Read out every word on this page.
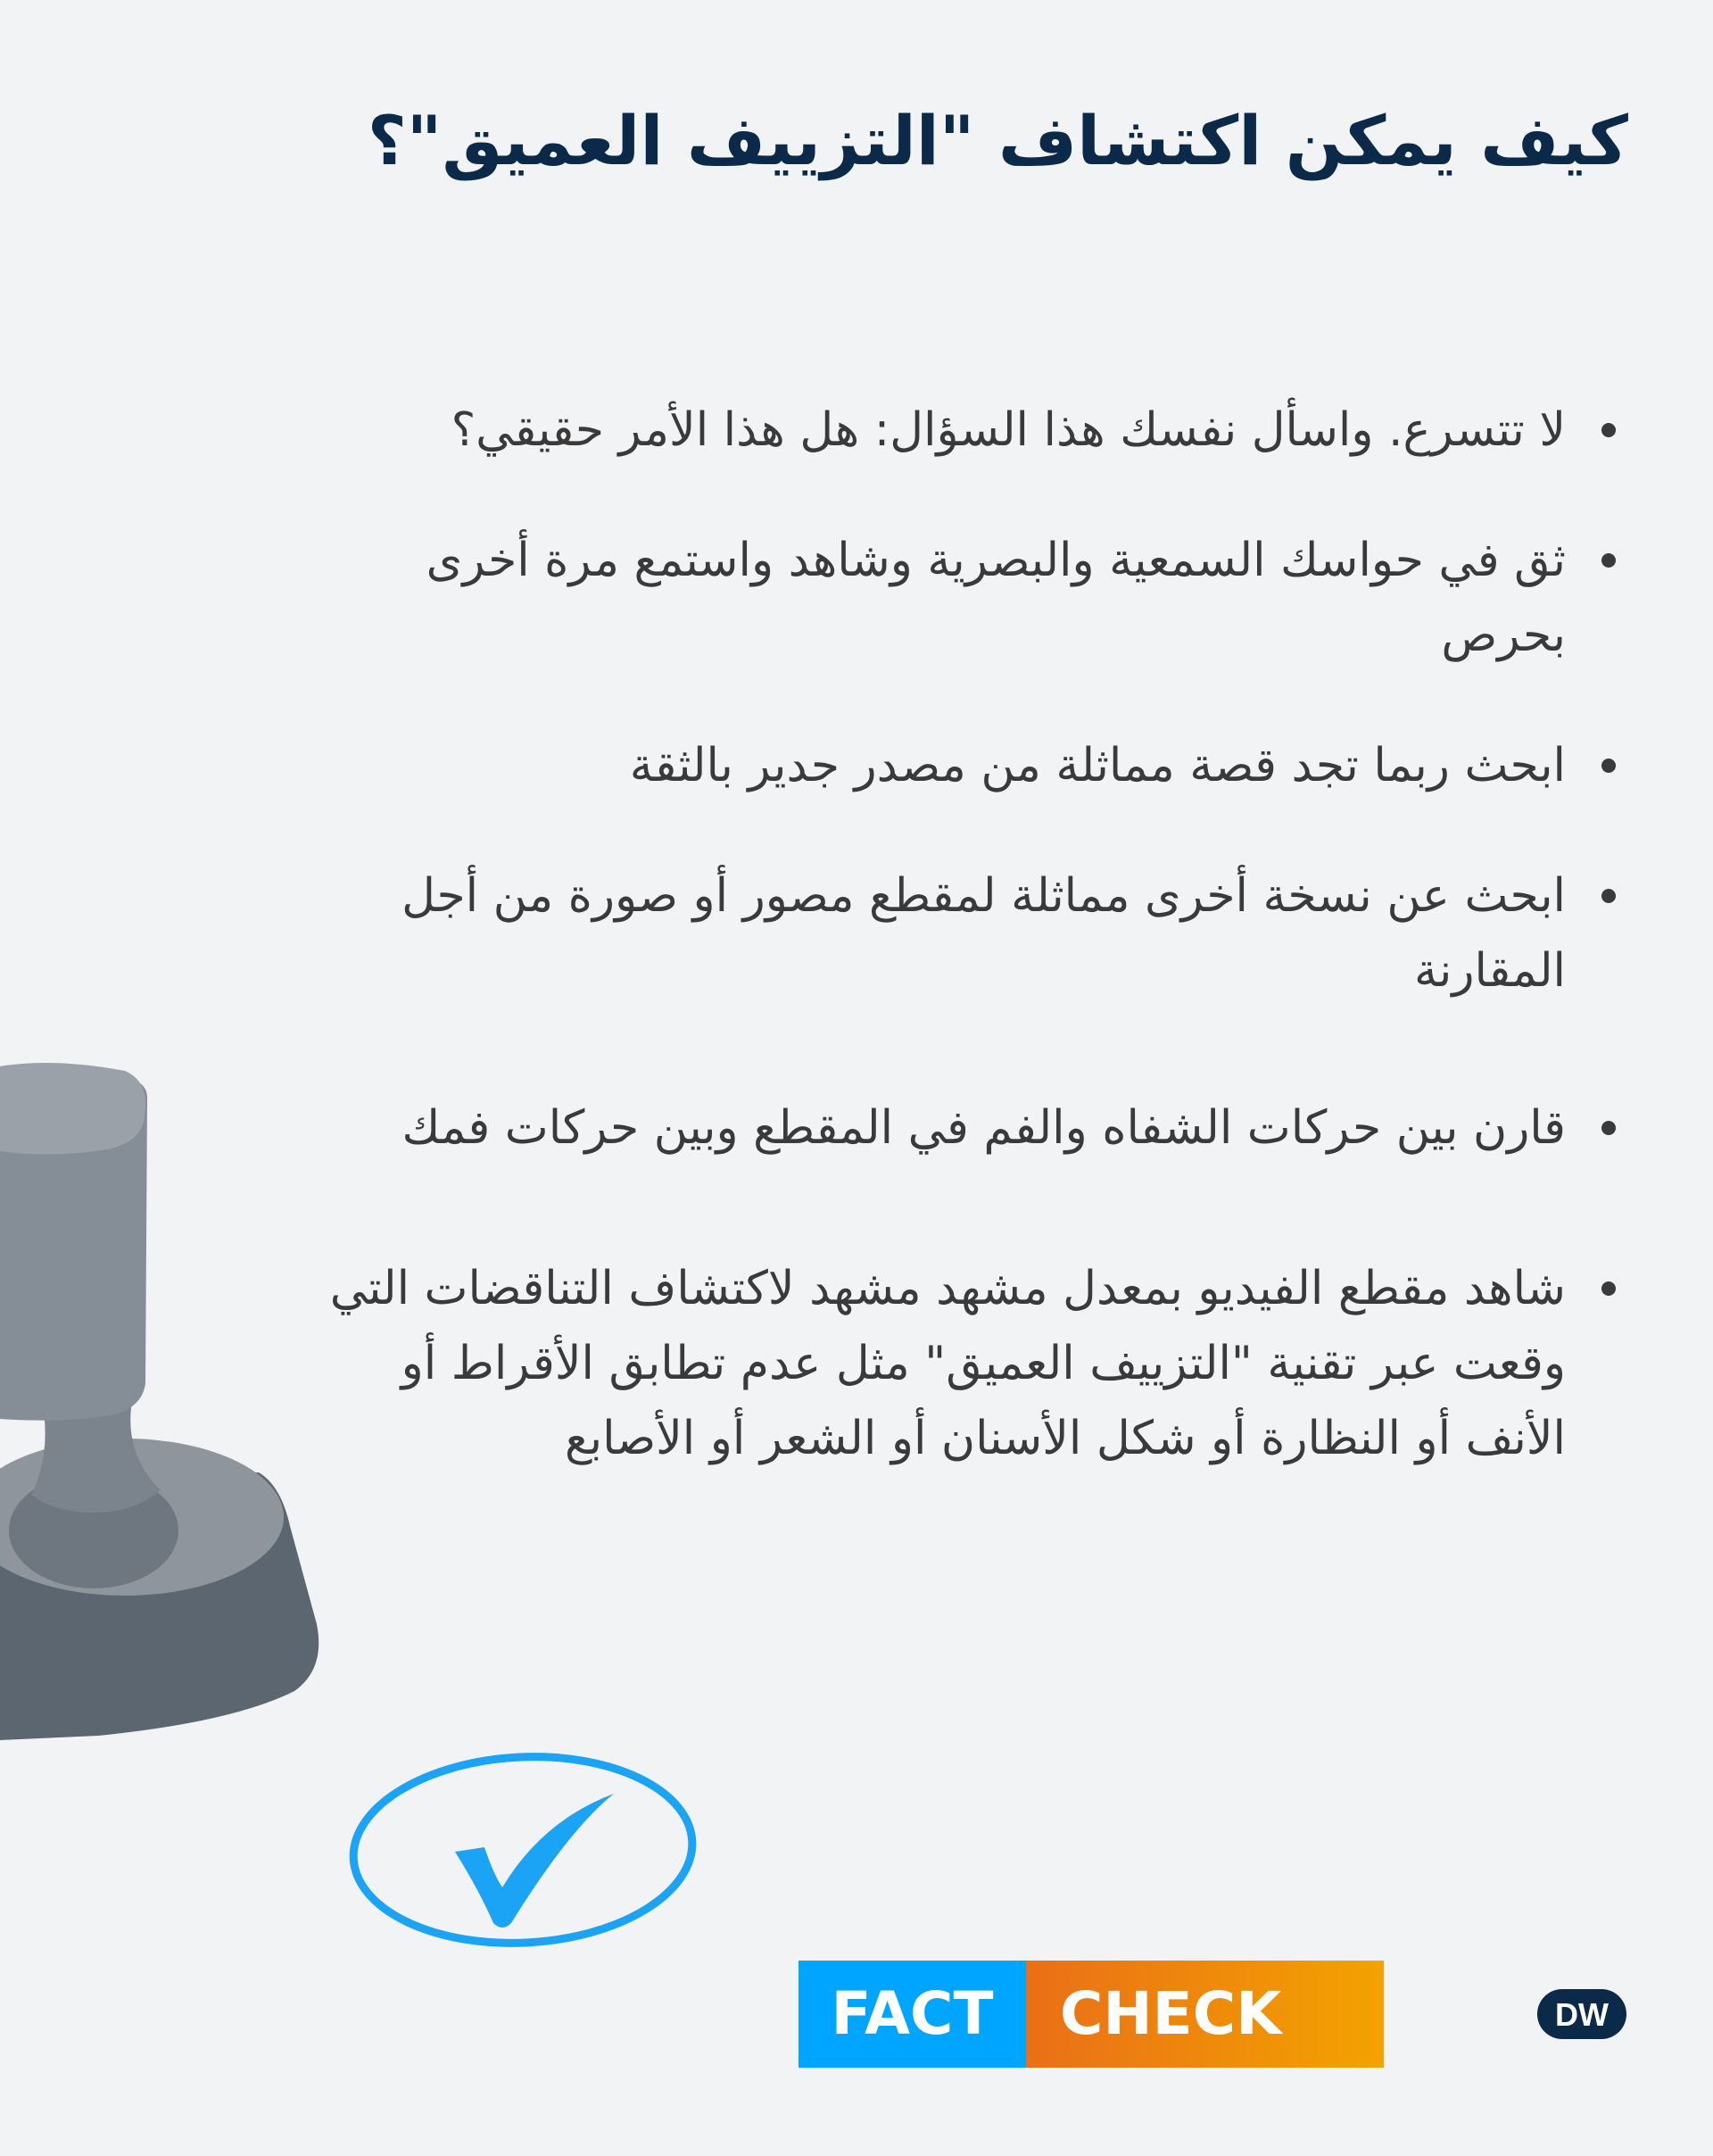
كيف يمكن اكتشاف "التزييف العميق"؟
لا تتسرع. واسأل نفسك هذا السؤال: هل هذا الأمر حقيقي؟
ثق في حواسك السمعية والبصرية وشاهد واستمع مرة أخرى بحرص
ابحث ربما تجد قصة مماثلة من مصدر جدير بالثقة
ابحث عن نسخة أخرى مماثلة لمقطع مصور أو صورة من أجل المقارنة
قارن بين حركات الشفاه والفم في المقطع وبين حركات فمك
شاهد مقطع الفيديو بمعدل مشهد مشهد لاكتشاف التناقضات التي وقعت عبر تقنية "التزييف العميق" مثل عدم تطابق الأقراط أو الأنف أو النظارة أو شكل الأسنان أو الشعر أو الأصابع
FACT	CHECK	DW
